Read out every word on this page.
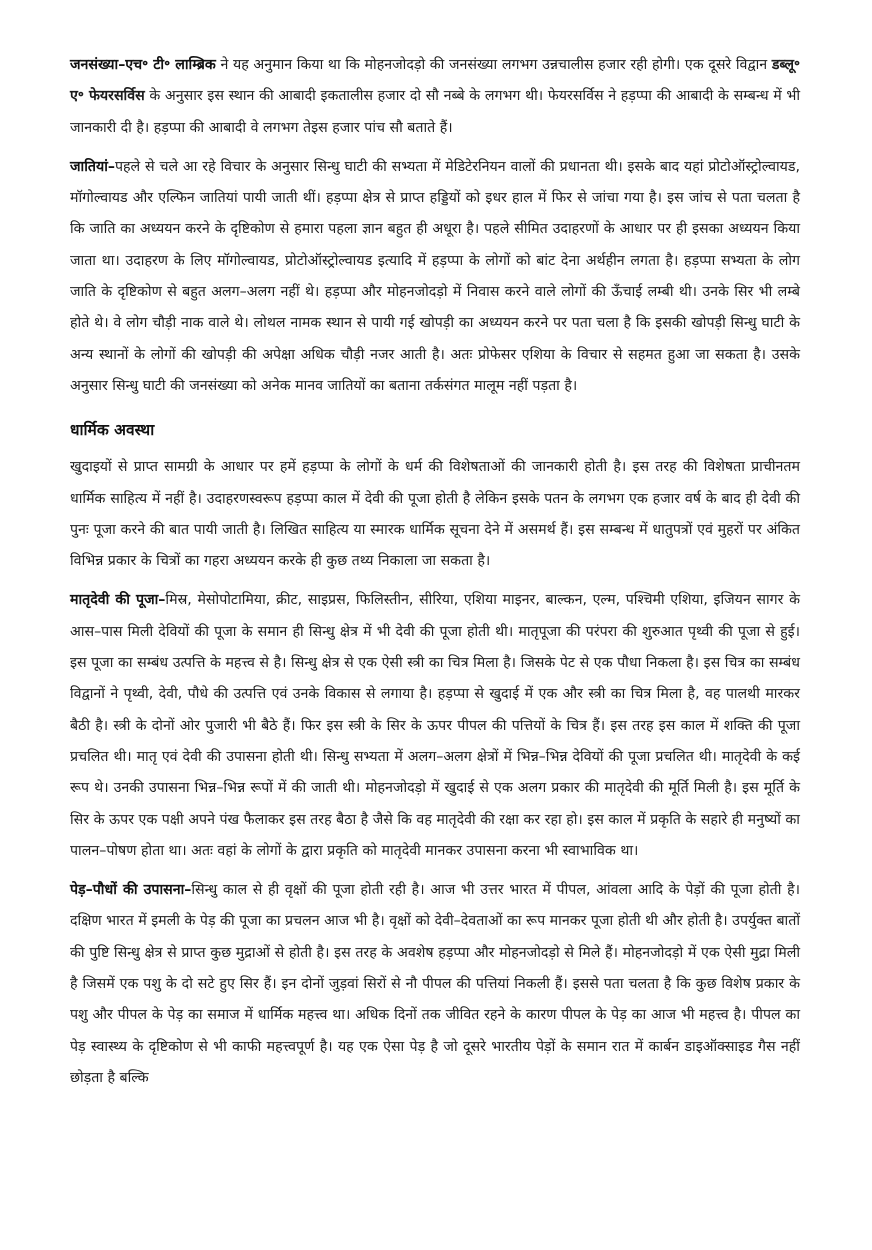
जनसंख्या–एच॰ टी॰ लाम्ब्रिक ने यह अनुमान किया था कि मोहनजोदड़ो की जनसंख्या लगभग उन्नचालीस हजार रही होगी। एक दूसरे विद्वान डब्लू॰ ए॰ फेयरसर्विस के अनुसार इस स्थान की आबादी इकतालीस हजार दो सौ नब्बे के लगभग थी। फेयरसर्विस ने हड़प्पा की आबादी के सम्बन्ध में भी जानकारी दी है। हड़प्पा की आबादी वे लगभग तेइस हजार पांच सौ बताते हैं।

जातियां–पहले से चले आ रहे विचार के अनुसार सिन्धु घाटी की सभ्यता में मेडिटेरनियन वालों की प्रधानता थी। इसके बाद यहां प्रोटोऑस्ट्रोल्वायड, मॉगोल्वायड और एल्फिन जातियां पायी जाती थीं। हड़प्पा क्षेत्र से प्राप्त हड्डियों को इधर हाल में फिर से जांचा गया है। इस जांच से पता चलता है कि जाति का अध्ययन करने के दृष्टिकोण से हमारा पहला ज्ञान बहुत ही अधूरा है। पहले सीमित उदाहरणों के आधार पर ही इसका अध्ययन किया जाता था। उदाहरण के लिए मॉगोल्वायड, प्रोटोऑस्ट्रोल्वायड इत्यादि में हड़प्पा के लोगों को बांट देना अर्थहीन लगता है। हड़प्पा सभ्यता के लोग जाति के दृष्टिकोण से बहुत अलग–अलग नहीं थे। हड़प्पा और मोहनजोदड़ो में निवास करने वाले लोगों की ऊँचाई लम्बी थी। उनके सिर भी लम्बे होते थे। वे लोग चौड़ी नाक वाले थे। लोथल नामक स्थान से पायी गई खोपड़ी का अध्ययन करने पर पता चला है कि इसकी खोपड़ी सिन्धु घाटी के अन्य स्थानों के लोगों की खोपड़ी की अपेक्षा अधिक चौड़ी नजर आती है। अतः प्रोफेसर एशिया के विचार से सहमत हुआ जा सकता है। उसके अनुसार सिन्धु घाटी की जनसंख्या को अनेक मानव जातियों का बताना तर्कसंगत मालूम नहीं पड़ता है।

धार्मिक अवस्था

खुदाइयों से प्राप्त सामग्री के आधार पर हमें हड़प्पा के लोगों के धर्म की विशेषताओं की जानकारी होती है। इस तरह की विशेषता प्राचीनतम धार्मिक साहित्य में नहीं है। उदाहरणस्वरूप हड़प्पा काल में देवी की पूजा होती है लेकिन इसके पतन के लगभग एक हजार वर्ष के बाद ही देवी की पुनः पूजा करने की बात पायी जाती है। लिखित साहित्य या स्मारक धार्मिक सूचना देने में असमर्थ हैं। इस सम्बन्ध में धातुपत्रों एवं मुहरों पर अंकित विभिन्न प्रकार के चित्रों का गहरा अध्ययन करके ही कुछ तथ्य निकाला जा सकता है।

मातृदेवी की पूजा–मिस्र, मेसोपोटामिया, क्रीट, साइप्रस, फिलिस्तीन, सीरिया, एशिया माइनर, बाल्कन, एल्म, पश्चिमी एशिया, इजियन सागर के आस–पास मिली देवियों की पूजा के समान ही सिन्धु क्षेत्र में भी देवी की पूजा होती थी। मातृपूजा की परंपरा की शुरुआत पृथ्वी की पूजा से हुई। इस पूजा का सम्बंध उत्पत्ति के महत्त्व से है। सिन्धु क्षेत्र से एक ऐसी स्त्री का चित्र मिला है। जिसके पेट से एक पौधा निकला है। इस चित्र का सम्बंध विद्वानों ने पृथ्वी, देवी, पौधे की उत्पत्ति एवं उनके विकास से लगाया है। हड़प्पा से खुदाई में एक और स्त्री का चित्र मिला है, वह पालथी मारकर बैठी है। स्त्री के दोनों ओर पुजारी भी बैठे हैं। फिर इस स्त्री के सिर के ऊपर पीपल की पत्तियों के चित्र हैं। इस तरह इस काल में शक्ति की पूजा प्रचलित थी। मातृ एवं देवी की उपासना होती थी। सिन्धु सभ्यता में अलग–अलग क्षेत्रों में भिन्न–भिन्न देवियों की पूजा प्रचलित थी। मातृदेवी के कई रूप थे। उनकी उपासना भिन्न–भिन्न रूपों में की जाती थी। मोहनजोदड़ो में खुदाई से एक अलग प्रकार की मातृदेवी की मूर्ति मिली है। इस मूर्ति के सिर के ऊपर एक पक्षी अपने पंख फैलाकर इस तरह बैठा है जैसे कि वह मातृदेवी की रक्षा कर रहा हो। इस काल में प्रकृति के सहारे ही मनुष्यों का पालन–पोषण होता था। अतः वहां के लोगों के द्वारा प्रकृति को मातृदेवी मानकर उपासना करना भी स्वाभाविक था।

पेड़–पौधों की उपासना–सिन्धु काल से ही वृक्षों की पूजा होती रही है। आज भी उत्तर भारत में पीपल, आंवला आदि के पेड़ों की पूजा होती है। दक्षिण भारत में इमली के पेड़ की पूजा का प्रचलन आज भी है। वृक्षों को देवी–देवताओं का रूप मानकर पूजा होती थी और होती है। उपर्युक्त बातों की पुष्टि सिन्धु क्षेत्र से प्राप्त कुछ मुद्राओं से होती है। इस तरह के अवशेष हड़प्पा और मोहनजोदड़ो से मिले हैं। मोहनजोदड़ो में एक ऐसी मुद्रा मिली है जिसमें एक पशु के दो सटे हुए सिर हैं। इन दोनों जुड़वां सिरों से नौ पीपल की पत्तियां निकली हैं। इससे पता चलता है कि कुछ विशेष प्रकार के पशु और पीपल के पेड़ का समाज में धार्मिक महत्त्व था। अधिक दिनों तक जीवित रहने के कारण पीपल के पेड़ का आज भी महत्त्व है। पीपल का पेड़ स्वास्थ्य के दृष्टिकोण से भी काफी महत्त्वपूर्ण है। यह एक ऐसा पेड़ है जो दूसरे भारतीय पेड़ों के समान रात में कार्बन डाइऑक्साइड गैस नहीं छोड़ता है बल्कि
